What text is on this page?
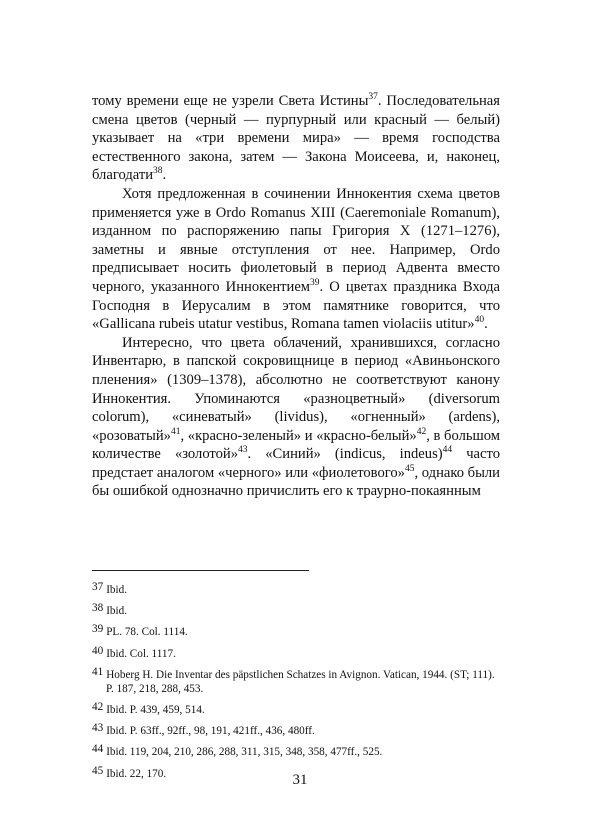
тому времени еще не узрели Света Истины$^{37}$. Последовательная смена цветов (черный — пурпурный или красный — белый) указывает на «три времени мира» — время господства естественного закона, затем — Закона Моисеева, и, наконец, благодати$^{38}$.

Хотя предложенная в сочинении Иннокентия схема цветов применяется уже в Ordo Romanus XIII (Caeremoniale Romanum), изданном по распоряжению папы Григория X (1271–1276), заметны и явные отступления от нее. Например, Ordo предписывает носить фиолетовый в период Адвента вместо черного, указанного Иннокентием$^{39}$. О цветах праздника Входа Господня в Иерусалим в этом памятнике говорится, что «Gallicana rubeis utatur vestibus, Romana tamen violaciis utitur»$^{40}$.

Интересно, что цвета облачений, хранившихся, согласно Инвентарю, в папской сокровищнице в период «Авиньонского пленения» (1309–1378), абсолютно не соответствуют канону Иннокентия. Упоминаются «разноцветный» (diversorum colorum), «синеватый» (lividus), «огненный» (ardens), «розоватый»$^{41}$, «красно-зеленый» и «красно-белый»$^{42}$, в большом количестве «золотой»$^{43}$. «Синий» (indicus, indeus)$^{44}$ часто предстает аналогом «черного» или «фиолетового»$^{45}$, однако были бы ошибкой однозначно причислить его к траурно-покаянным

37 Ibid.
38 Ibid.
39 PL. 78. Col. 1114.
40 Ibid. Col. 1117.
41 Hoberg H. Die Inventar des päpstlichen Schatzes in Avignon. Vatican, 1944. (ST; 111). P. 187, 218, 288, 453.
42 Ibid. P. 439, 459, 514.
43 Ibid. P. 63ff., 92ff., 98, 191, 421ff., 436, 480ff.
44 Ibid. 119, 204, 210, 286, 288, 311, 315, 348, 358, 477ff., 525.
45 Ibid. 22, 170.	31
